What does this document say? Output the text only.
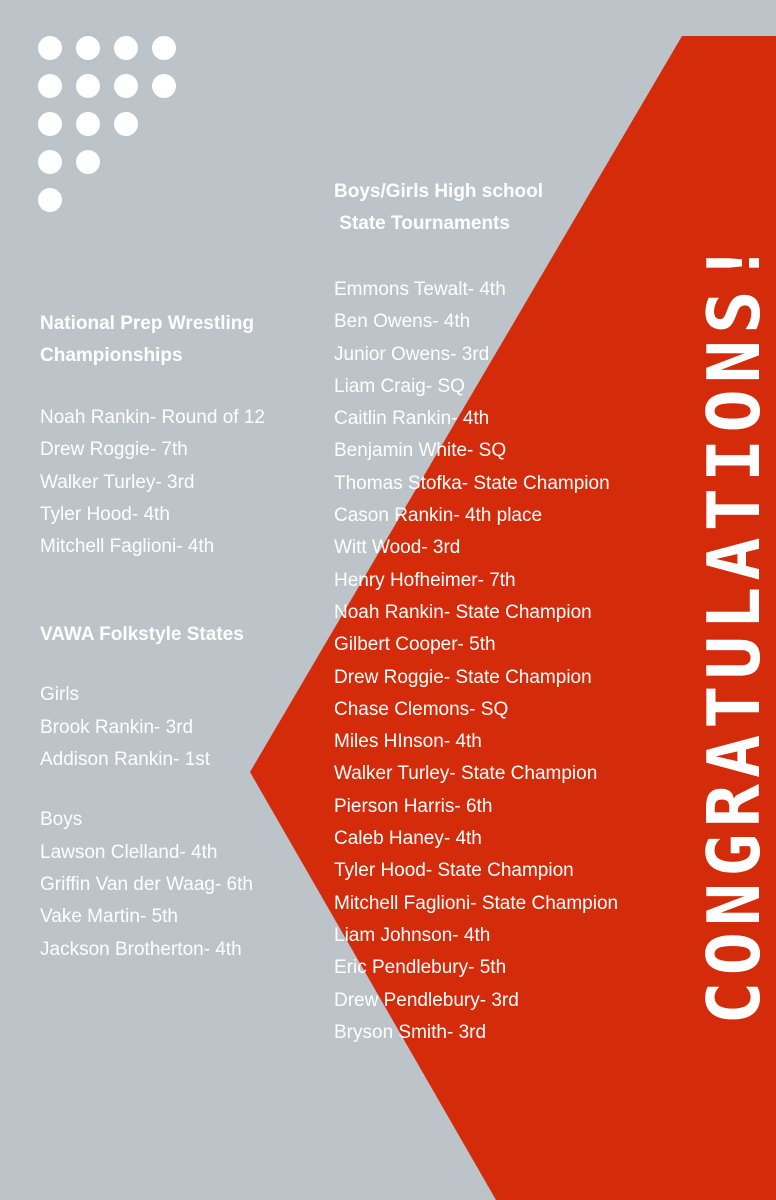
National Prep Wrestling

Championships

Noah Rankin- Round of 12

Drew Roggie- 7th

Walker Turley- 3rd

Tyler Hood- 4th

Mitchell Faglioni- 4th

VAWA Folkstyle States

Girls

Brook Rankin- 3rd

Addison Rankin- 1st

Boys

Lawson Clelland- 4th

Griffin Van der Waag- 6th

Vake Martin- 5th

Jackson Brotherton- 4th

Boys/Girls High school

State Tournaments

Emmons Tewalt- 4th

Ben Owens- 4th

Junior Owens- 3rd

Liam Craig- SQ

Caitlin Rankin- 4th

Benjamin White- SQ

Thomas Stofka- State Champion

Cason Rankin- 4th place

Witt Wood- 3rd

Henry Hofheimer- 7th

Noah Rankin- State Champion

Gilbert Cooper- 5th

Drew Roggie- State Champion

Chase Clemons- SQ

Miles HInson- 4th

Walker Turley- State Champion

Pierson Harris- 6th

Caleb Haney- 4th

Tyler Hood- State Champion

Mitchell Faglioni- State Champion

Liam Johnson- 4th

Eric Pendlebury- 5th

Drew Pendlebury- 3rd

Bryson Smith- 3rd

CONGRATULATIONS!
